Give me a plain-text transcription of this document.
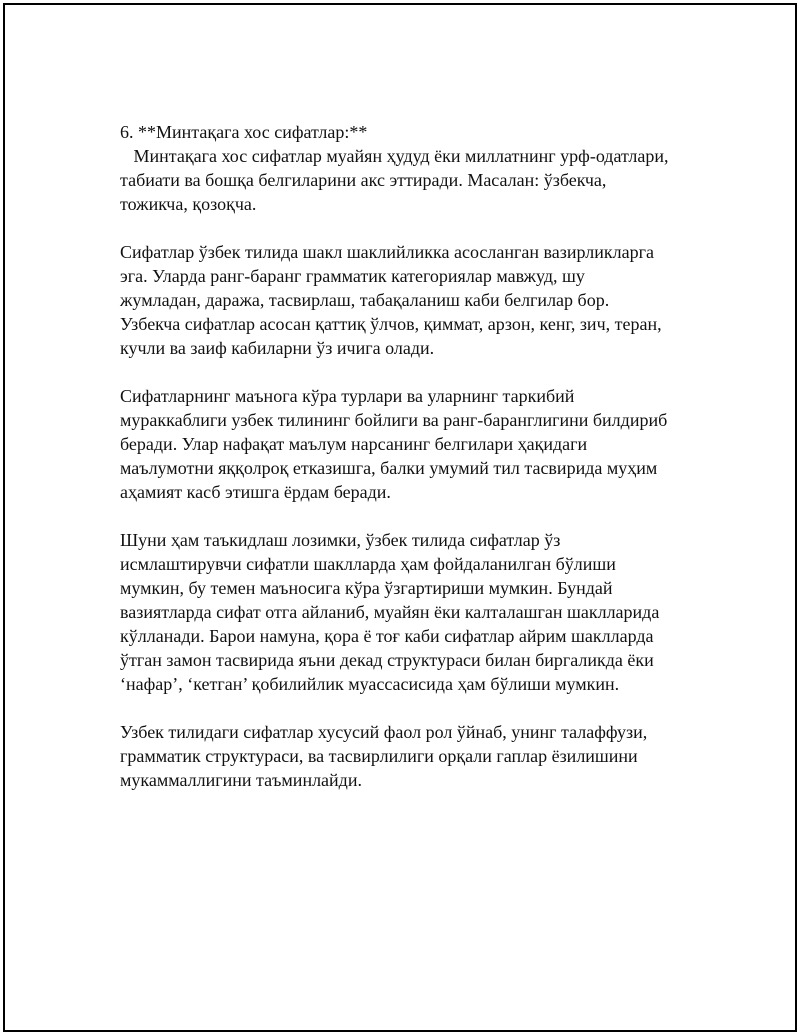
6. **Минтақага хос сифатлар:**

Минтақага хос сифатлар муайян ҳудуд ёки миллатнинг урф-одатлари,

табиати ва бошқа белгиларини акс эттиради. Масалан: ўзбекча,

тожикча, қозоқча.

Сифатлар ўзбек тилида шакл шаклийликка асосланган вазирликларга

эга. Уларда ранг-баранг грамматик категориялар мавжуд, шу

жумладан, даража, тасвирлаш, табақаланиш каби белгилар бор.

Узбекча сифатлар асосан қаттиқ ўлчов, қиммат, арзон, кенг, зич, теран,

кучли ва заиф кабиларни ўз ичига олади.

Сифатларнинг маънога кўра турлари ва уларнинг таркибий

мураккаблиги узбек тилининг бойлиги ва ранг-баранглигини билдириб

беради. Улар нафақат маълум нарсанинг белгилари ҳақидаги

маълумотни яққолроқ етказишга, балки умумий тил тасвирида муҳим

аҳамият касб этишга ёрдам беради.

Шуни ҳам таъкидлаш лозимки, ўзбек тилида сифатлар ўз

исмлаштирувчи сифатли шаклларда ҳам фойдаланилган бўлиши

мумкин, бу темен маъносига кўра ўзгартириши мумкин. Бундай

вазиятларда сифат отга айланиб, муайян ёки калталашган шаклларида

кўлланади. Барои намуна, қора ё тоғ каби сифатлар айрим шаклларда

ўтган замон тасвирида яъни декад структураси билан биргаликда ёки

‘нафар’, ‘кетган’ қобилийлик муассасисида ҳам бўлиши мумкин.

Узбек тилидаги сифатлар хусусий фаол рол ўйнаб, унинг талаффузи,

грамматик структураси, ва тасвирлилиги орқали гаплар ёзилишини

мукаммаллигини таъминлайди.
